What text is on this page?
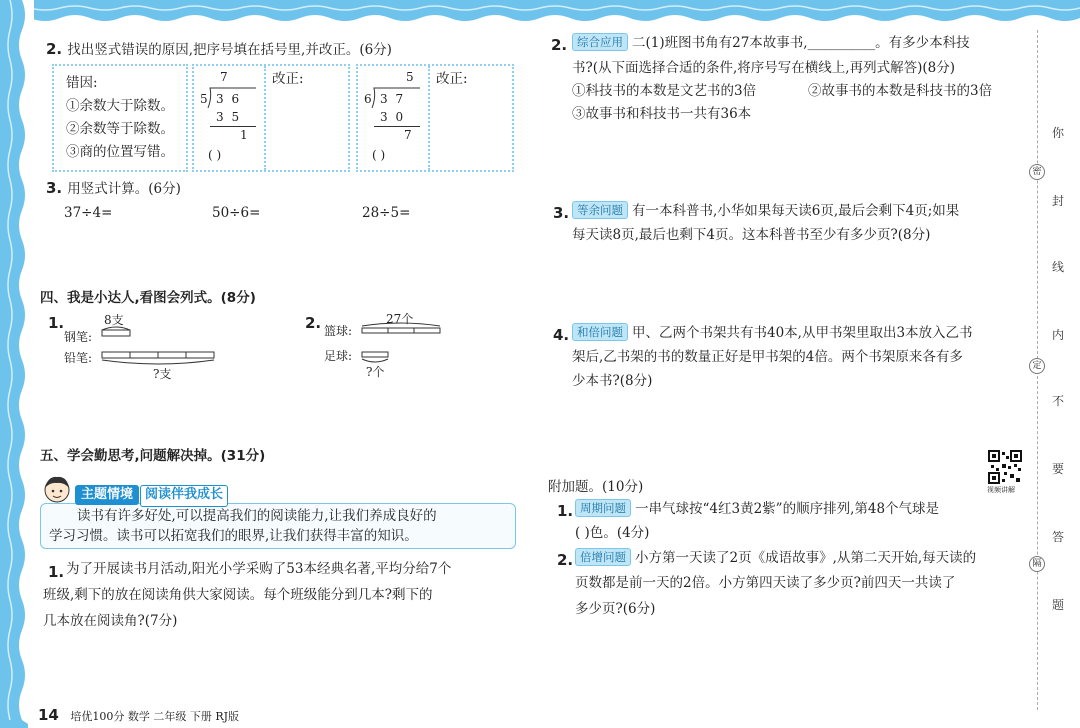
2. 找出竖式错误的原因,把序号填在括号里,并改正。(6分)
错因:
①余数大于除数。
②余数等于除数。
③商的位置写错。
7
5 3 6
3 5
1
( )
改正:	5
6 3 7
3 0
7
( )
改正:
3. 用竖式计算。(6分)
37÷4=	50÷6=	28÷5=
四、我是小达人,看图会列式。(8分)
1.	8支
钢笔:
铅笔:
?支
2.	27个
篮球:
足球:
?个
五、学会勤思考,问题解决掉。(31分)
读书有许多好处,可以提高我们的阅读能力,让我们养成良好的
学习习惯。读书可以拓宽我们的眼界,让我们获得丰富的知识。
主题情境 阅读伴我成长
1. 为了开展读书月活动,阳光小学采购了53本经典名著,平均分给7个
班级,剩下的放在阅读角供大家阅读。每个班级能分到几本?剩下的
几本放在阅读角?(7分)
2. 综合应用 二(1)班图书角有27本故事书,__________。有多少本科技
书?(从下面选择合适的条件,将序号写在横线上,再列式解答)(8分)
①科技书的本数是文艺书的3倍	②故事书的本数是科技书的3倍
③故事书和科技书一共有36本
3. 等余问题 有一本科普书,小华如果每天读6页,最后会剩下4页;如果
每天读8页,最后也剩下4页。这本科普书至少有多少页?(8分)
4. 和倍问题 甲、乙两个书架共有书40本,从甲书架里取出3本放入乙书
架后,乙书架的书的数量正好是甲书架的4倍。两个书架原来各有多
少本书?(8分)
视频讲解
附加题。(10分)
1. 周期问题 一串气球按“4红3黄2紫”的顺序排列,第48个气球是
( )色。(4分)
2. 倍增问题 小方第一天读了2页《成语故事》,从第二天开始,每天读的
页数都是前一天的2倍。小方第四天读了多少页?前四天一共读了
多少页?(6分)
你
密
封
线
内
定
不
要
答
隔
题
14 培优100分 数学 二年级 下册 RJ版
